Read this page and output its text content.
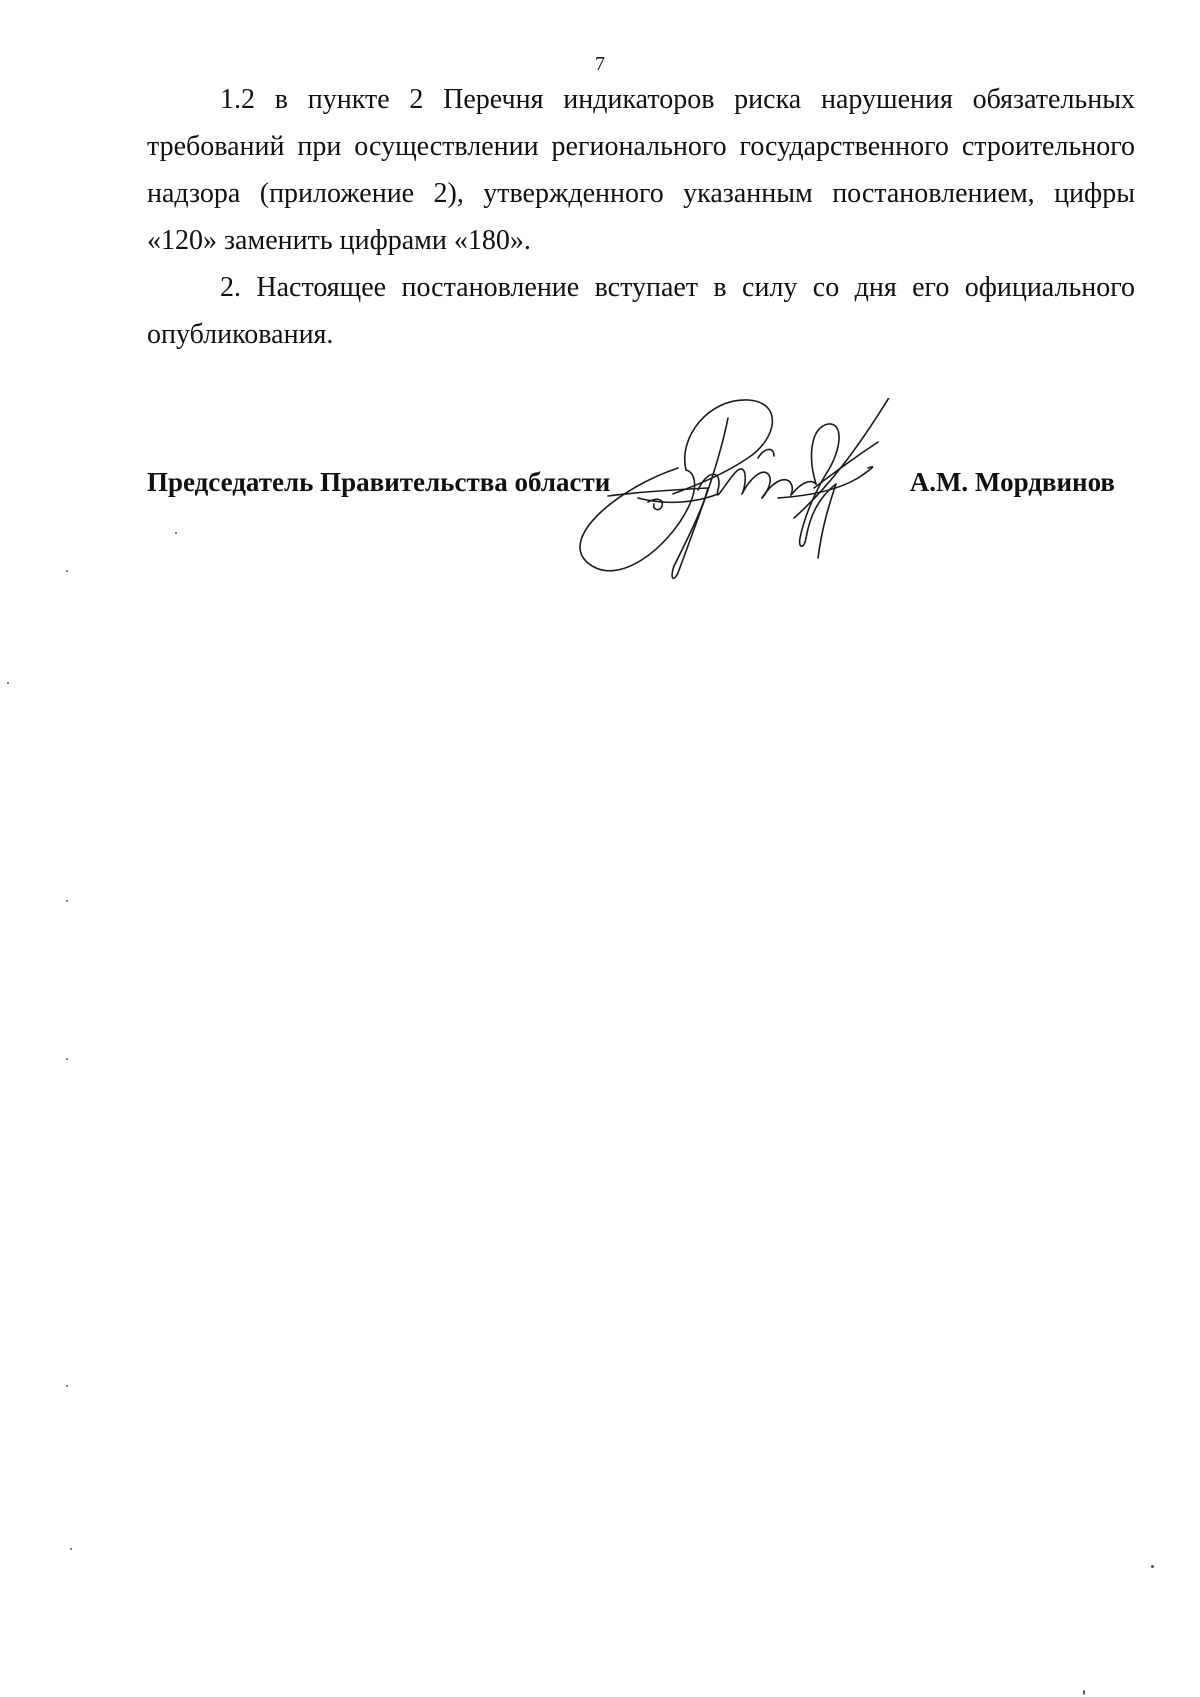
7

1.2 в пункте 2 Перечня индикаторов риска нарушения обязательных требований при осуществлении регионального государственного строительного надзора (приложение 2), утвержденного указанным постановлением, цифры «120» заменить цифрами «180».

2. Настоящее постановление вступает в силу со дня его официального опубликования.

Председатель Правительства области	А.М. Мордвинов
